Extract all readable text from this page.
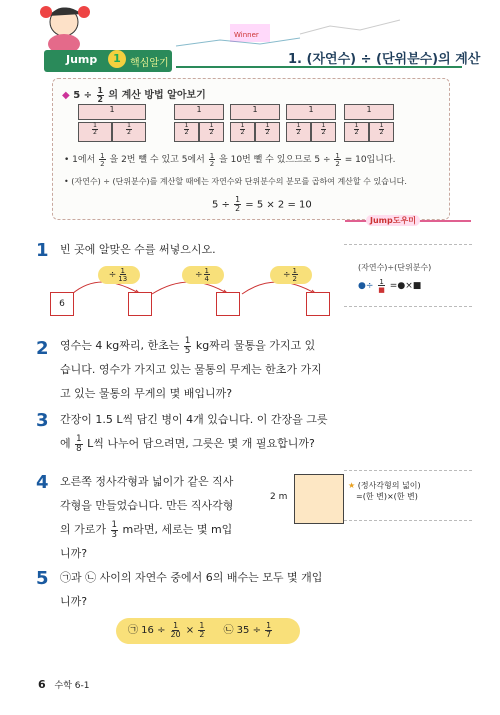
Winner
Jump	1 핵심알기	1. (자연수) ÷ (단위분수)의 계산
◆ $5 \div \frac{1}{2}$ 의 계산 방법 알아보기
1
$\frac{1}{2}$	$\frac{1}{2}$
1
$\frac{1}{2}$	$\frac{1}{2}$
1
$\frac{1}{2}$	$\frac{1}{2}$
1
$\frac{1}{2}$	$\frac{1}{2}$
1
$\frac{1}{2}$	$\frac{1}{2}$
• 1에서 $\frac{1}{2}$ 을 2번 뺄 수 있고 5에서 $\frac{1}{2}$ 을 10번 뺄 수 있으므로 $5 \div \frac{1}{2} = 10$입니다.
• (자연수) ÷ (단위분수)를 계산할 때에는 자연수와 단위분수의 분모를 곱하여 계산할 수 있습니다.
$5 \div \frac{1}{2} = 5 \times 2 = 10$
Jump도우미
(자연수)÷(단위분수)
●÷ $\frac{1}{■}$ =●×■
★ (정사각형의 넓이)
=(한 변)×(한 변)
1 빈 곳에 알맞은 수를 써넣으시오.
6
÷ $\frac{1}{13}$	÷ $\frac{1}{4}$	÷ $\frac{1}{2}$
2 영수는 4 kg짜리, 한초는 $\frac{1}{5}$ kg짜리 물통을 가지고 있
습니다. 영수가 가지고 있는 물통의 무게는 한초가 가지
고 있는 물통의 무게의 몇 배입니까?
3 간장이 1.5 L씩 담긴 병이 4개 있습니다. 이 간장을 그릇
에 $\frac{1}{8}$ L씩 나누어 담으려면, 그릇은 몇 개 필요합니까?
4 오른쪽 정사각형과 넓이가 같은 직사
각형을 만들었습니다. 만든 직사각형
의 가로가 $\frac{1}{3}$ m라면, 세로는 몇 m입
니까?
2 m
5 ㉠과 ㉡ 사이의 자연수 중에서 6의 배수는 모두 몇 개입
니까?
㉠ $16 \div \frac{1}{20} \times \frac{1}{2}$ ㉡ $35 \div \frac{1}{7}$
6 수학 6-1
